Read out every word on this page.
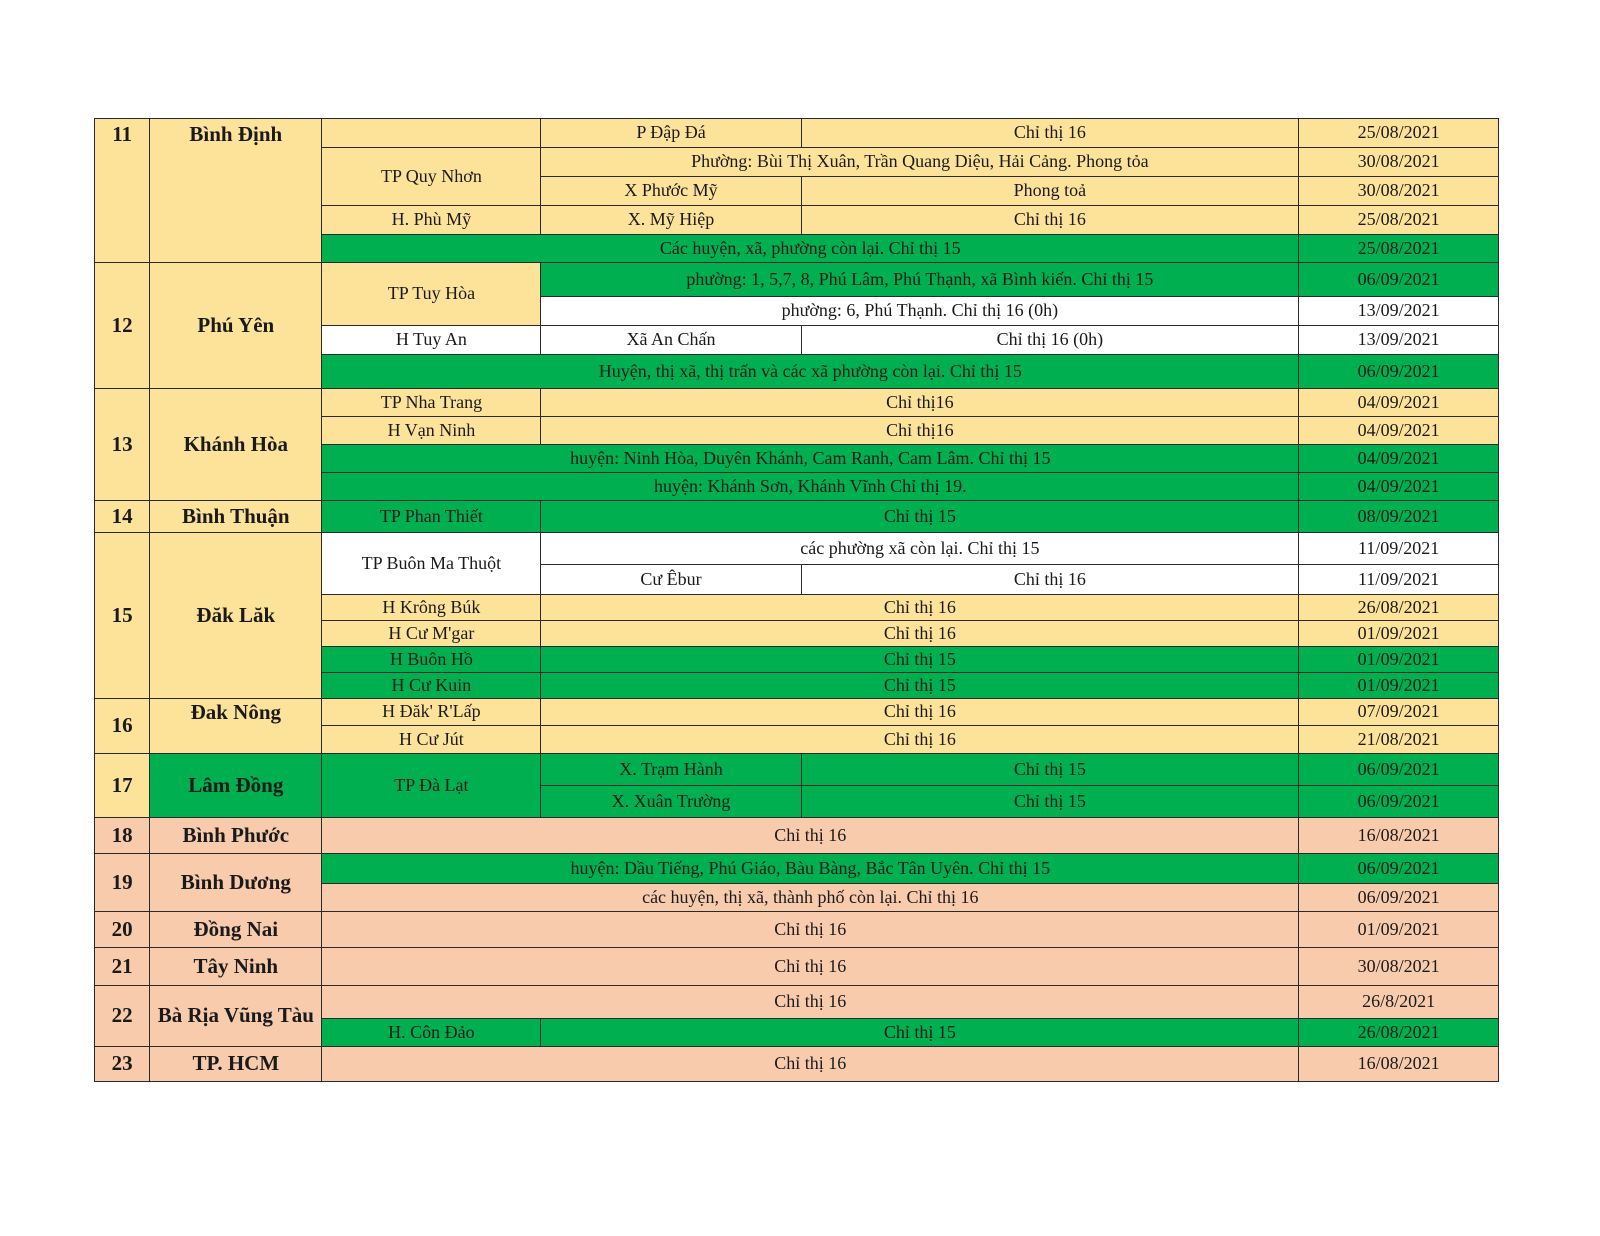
11	Bình Định		P Đập Đá	Chỉ thị 16	25/08/2021
		TP Quy Nhơn	Phường: Bùi Thị Xuân, Trần Quang Diệu, Hải Cảng. Phong tỏa		30/08/2021
			X Phước Mỹ	Phong toả	30/08/2021
		H. Phù Mỹ	X. Mỹ Hiệp	Chỉ thị 16	25/08/2021
		Các huyện, xã, phường còn lại. Chỉ thị 15			25/08/2021
12	Phú Yên	TP Tuy Hòa	phường: 1, 5,7, 8, Phú Lâm, Phú Thạnh, xã Bình kiến. Chỉ thị 15		06/09/2021
			phường: 6, Phú Thạnh. Chỉ thị 16 (0h)		13/09/2021
		H Tuy An	Xã An Chấn	Chỉ thị 16 (0h)	13/09/2021
		Huyện, thị xã, thị trấn và các xã phường còn lại. Chỉ thị 15			06/09/2021
13	Khánh Hòa	TP Nha Trang	Chỉ thị16		04/09/2021
		H Vạn Ninh	Chỉ thị16		04/09/2021
		huyện: Ninh Hòa, Duyên Khánh, Cam Ranh, Cam Lâm. Chỉ thị 15			04/09/2021
		huyện: Khánh Sơn, Khánh Vĩnh Chỉ thị 19.			04/09/2021
14	Bình Thuận	TP Phan Thiết	Chỉ thị 15		08/09/2021
15	Đăk Lăk	TP Buôn Ma Thuột	các phường xã còn lại. Chỉ thị 15		11/09/2021
			Cư Êbur	Chỉ thị 16	11/09/2021
		H Krông Búk	Chỉ thị 16		26/08/2021
		H Cư M'gar	Chỉ thị 16		01/09/2021
		H Buôn Hồ	Chỉ thị 15		01/09/2021
		H Cư Kuin	Chỉ thị 15		01/09/2021
16	Đak Nông	H Đăk' R'Lấp	Chỉ thị 16		07/09/2021
		H Cư Jút	Chỉ thị 16		21/08/2021
17	Lâm Đồng	TP Đà Lạt	X. Trạm Hành	Chỉ thị 15	06/09/2021
			X. Xuân Trường	Chỉ thị 15	06/09/2021
18	Bình Phước	Chỉ thị 16			16/08/2021
19	Bình Dương	huyện: Dầu Tiếng, Phú Giáo, Bàu Bàng, Bắc Tân Uyên. Chỉ thị 15			06/09/2021
		các huyện, thị xã, thành phố còn lại. Chỉ thị 16			06/09/2021
20	Đồng Nai	Chỉ thị 16			01/09/2021
21	Tây Ninh	Chỉ thị 16			30/08/2021
22	Bà Rịa Vũng Tàu	Chỉ thị 16			26/8/2021
		H. Côn Đảo	Chỉ thị 15		26/08/2021
23	TP. HCM	Chỉ thị 16			16/08/2021
